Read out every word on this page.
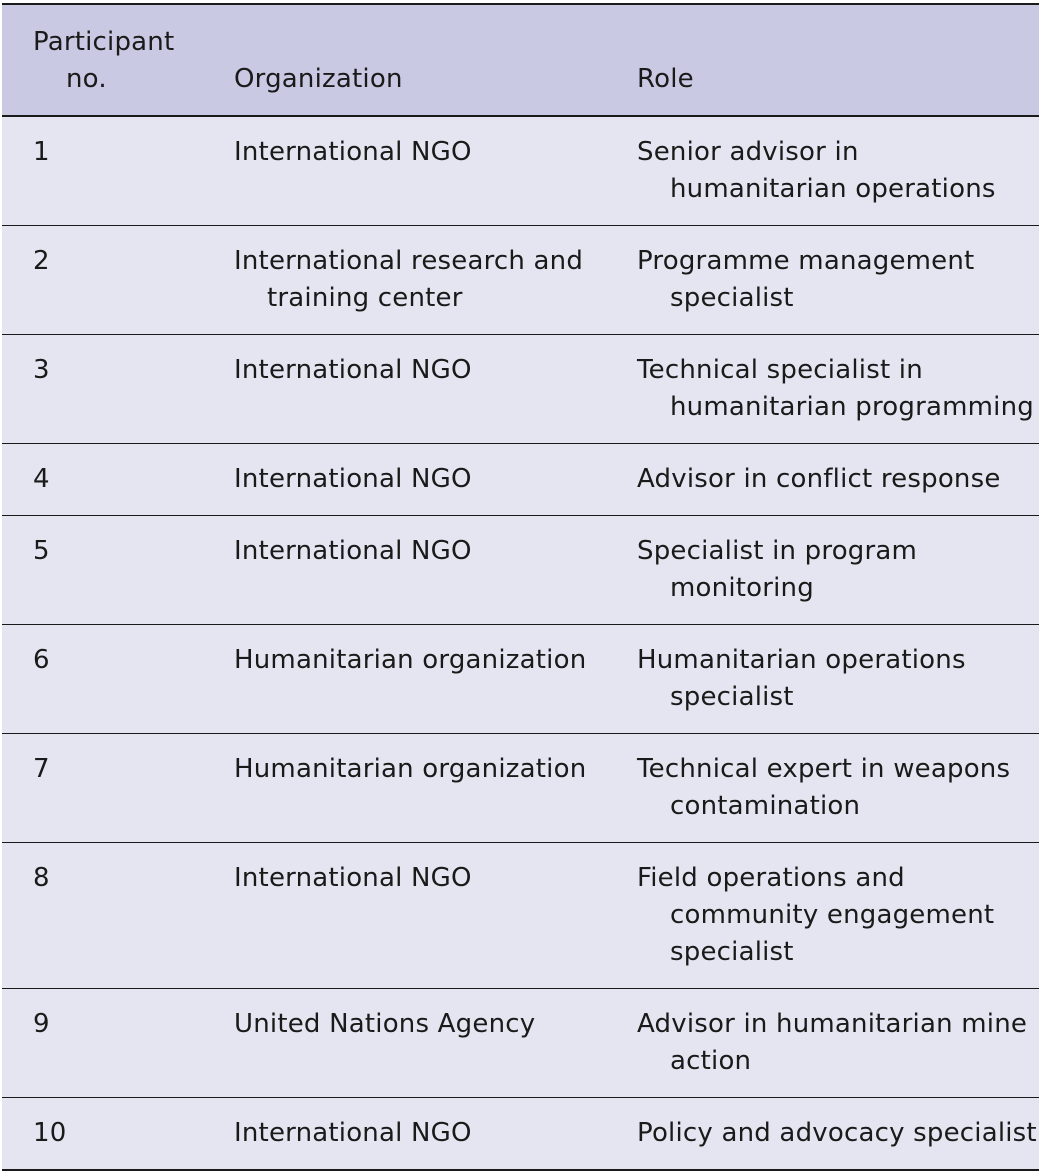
Participant no.	Organization	Role

1	International NGO	Senior advisor in humanitarian operations

2	International research and training center	Programme management specialist

3	International NGO	Technical specialist in humanitarian programming

4	International NGO	Advisor in conflict response

5	International NGO	Specialist in program monitoring

6	Humanitarian organization	Humanitarian operations specialist

7	Humanitarian organization	Technical expert in weapons contamination

8	International NGO	Field operations and community engagement specialist

9	United Nations Agency	Advisor in humanitarian mine action

10	International NGO	Policy and advocacy specialist
